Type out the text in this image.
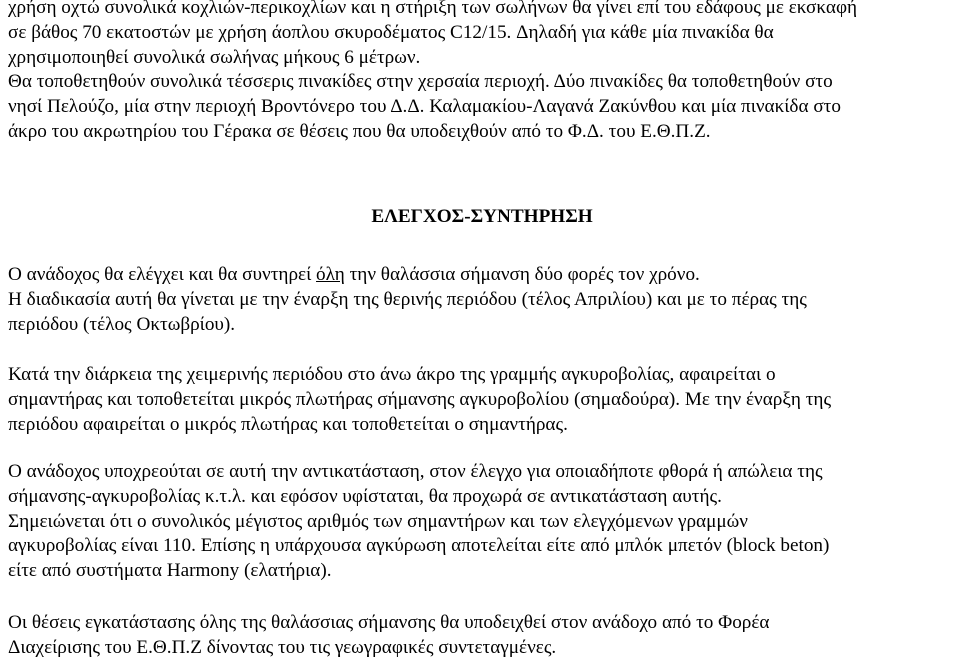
χρήση οχτώ συνολικά κοχλιών-περικοχλίων και η στήριξη των σωλήνων θα γίνει επί του εδάφους με εκσκαφή
σε βάθος 70 εκατοστών με χρήση άοπλου σκυροδέματος C12/15. Δηλαδή για κάθε μία πινακίδα θα
χρησιμοποιηθεί συνολικά σωλήνας μήκους 6 μέτρων.
Θα τοποθετηθούν συνολικά τέσσερις πινακίδες στην χερσαία περιοχή. Δύο πινακίδες θα τοποθετηθούν στο
νησί Πελούζο, μία στην περιοχή Βροντόνερο του Δ.Δ. Καλαμακίου-Λαγανά Ζακύνθου και μία πινακίδα στο
άκρο του ακρωτηρίου του Γέρακα σε θέσεις που θα υποδειχθούν από το Φ.Δ. του Ε.Θ.Π.Ζ.

ΕΛΕΓΧΟΣ-ΣΥΝΤΗΡΗΣΗ

Ο ανάδοχος θα ελέγχει και θα συντηρεί όλη την θαλάσσια σήμανση δύο φορές τον χρόνο.
Η διαδικασία αυτή θα γίνεται με την έναρξη της θερινής περιόδου (τέλος Απριλίου) και με το πέρας της
περιόδου (τέλος Οκτωβρίου).

Κατά την διάρκεια της χειμερινής περιόδου στο άνω άκρο της γραμμής αγκυροβολίας, αφαιρείται ο
σημαντήρας και τοποθετείται μικρός πλωτήρας σήμανσης αγκυροβολίου (σημαδούρα). Με την έναρξη της
περιόδου αφαιρείται ο μικρός πλωτήρας και τοποθετείται ο σημαντήρας.

Ο ανάδοχος υποχρεούται σε αυτή την αντικατάσταση, στον έλεγχο για οποιαδήποτε φθορά ή απώλεια της
σήμανσης-αγκυροβολίας κ.τ.λ. και εφόσον υφίσταται, θα προχωρά σε αντικατάσταση αυτής.
Σημειώνεται ότι ο συνολικός μέγιστος αριθμός των σημαντήρων και των ελεγχόμενων γραμμών
αγκυροβολίας είναι 110. Επίσης η υπάρχουσα αγκύρωση αποτελείται είτε από μπλόκ μπετόν (block beton)
είτε από συστήματα Harmony (ελατήρια).

Οι θέσεις εγκατάστασης όλης της θαλάσσιας σήμανσης θα υποδειχθεί στον ανάδοχο από το Φορέα
Διαχείρισης του Ε.Θ.Π.Ζ δίνοντας του τις γεωγραφικές συντεταγμένες.
